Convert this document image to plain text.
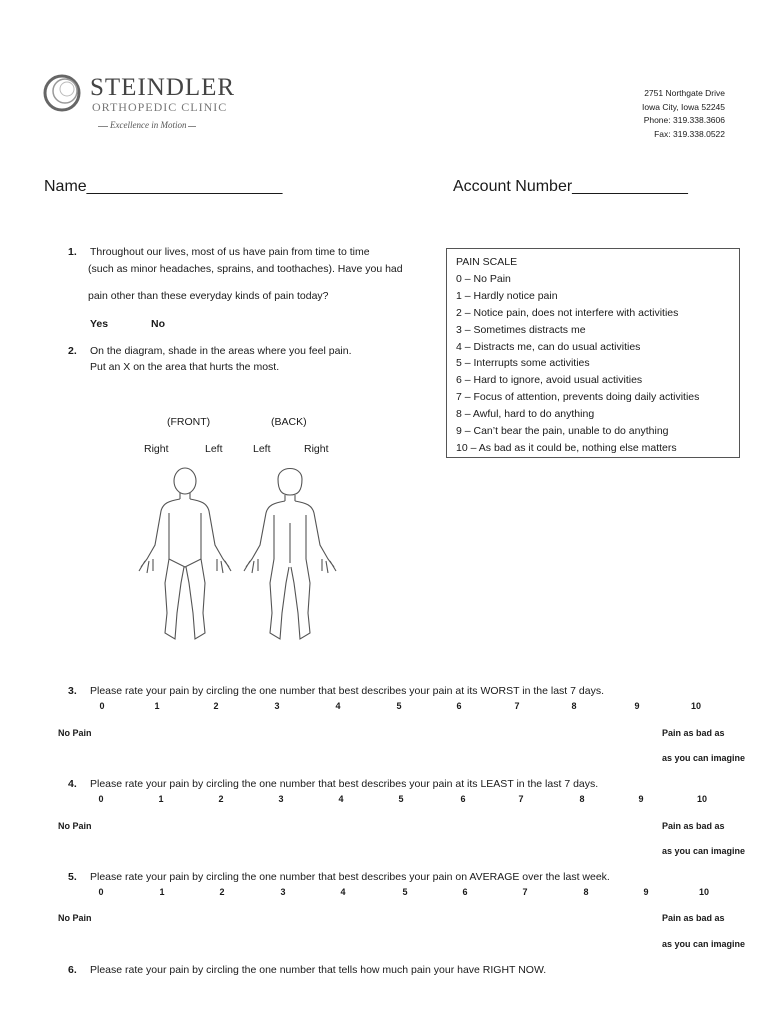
STEINDLER
ORTHOPEDIC CLINIC
Excellence in Motion
2751 Northgate Drive
Iowa City, Iowa 52245
Phone: 319.338.3606
Fax: 319.338.0522
Name______________________	Account Number_____________
1. Throughout our lives, most of us have pain from time to time
(such as minor headaches, sprains, and toothaches). Have you had
pain other than these everyday kinds of pain today?
Yes	No
2. On the diagram, shade in the areas where you feel pain.
Put an X on the area that hurts the most.
PAIN SCALE
0 – No Pain
1 – Hardly notice pain
2 – Notice pain, does not interfere with activities
3 – Sometimes distracts me
4 – Distracts me, can do usual activities
5 – Interrupts some activities
6 – Hard to ignore, avoid usual activities
7 – Focus of attention, prevents doing daily activities
8 – Awful, hard to do anything
9 – Can’t bear the pain, unable to do anything
10 – As bad as it could be, nothing else matters
(FRONT)	(BACK)
Right	Left	Left	Right
3. Please rate your pain by circling the one number that best describes your pain at its WORST in the last 7 days.
0	1	2	3	4	5	6	7	8	9	10
No Pain	Pain as bad as
as you can imagine
4. Please rate your pain by circling the one number that best describes your pain at its LEAST in the last 7 days.
0	1	2	3	4	5	6	7	8	9	10
No Pain	Pain as bad as
as you can imagine
5. Please rate your pain by circling the one number that best describes your pain on AVERAGE over the last week.
0	1	2	3	4	5	6	7	8	9	10
No Pain	Pain as bad as
as you can imagine
6. Please rate your pain by circling the one number that tells how much pain your have RIGHT NOW.
